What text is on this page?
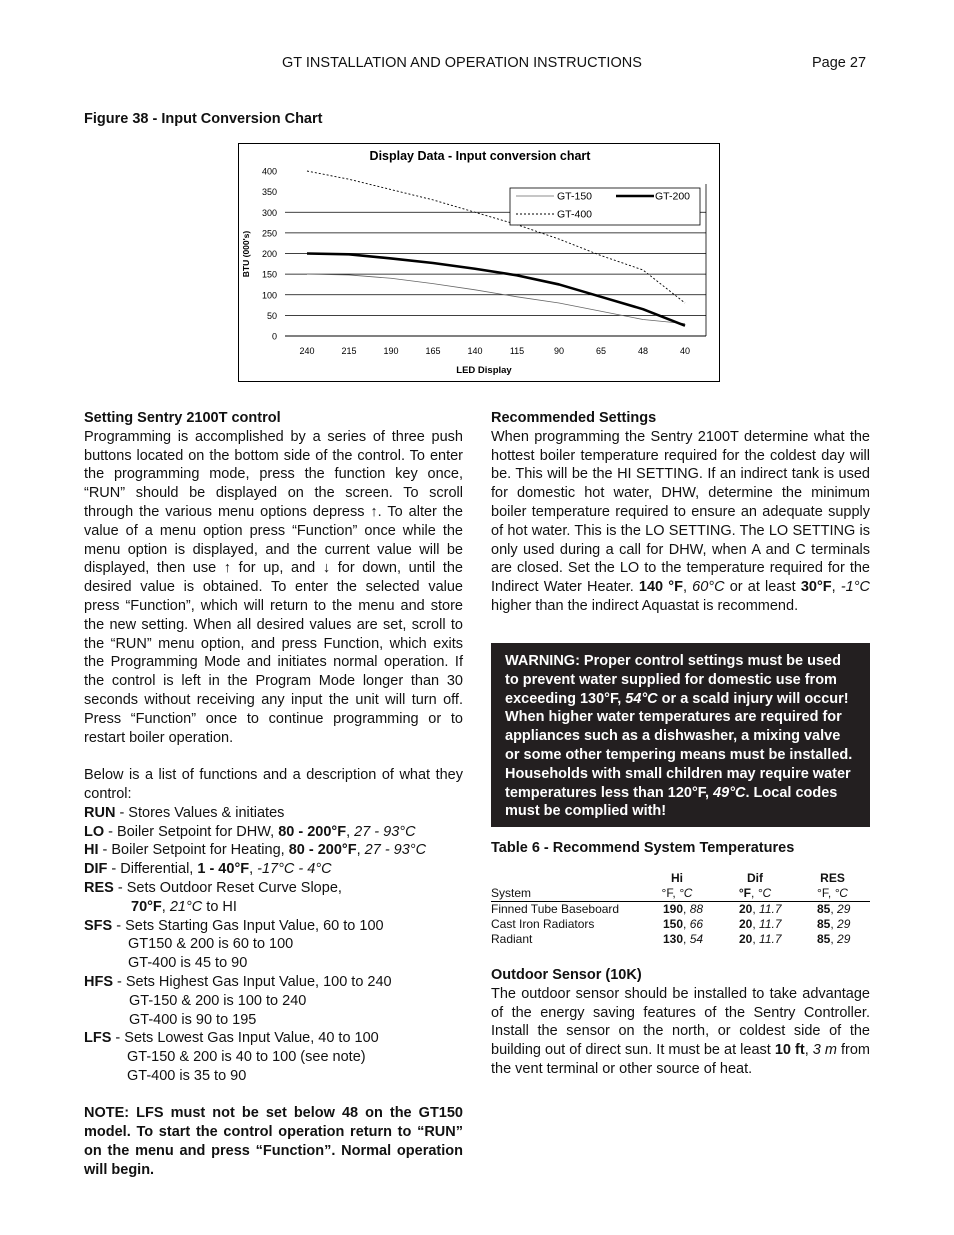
GT INSTALLATION AND OPERATION INSTRUCTIONS	Page 27
Figure 38 - Input Conversion Chart
Display Data - Input conversion chart
0
50
100
150
200
250
300
350
400
240	215	190	165	140	115	90	65	48	40
LED Display
BTU (000's)
GT-150	GT-200
GT-400

Setting Sentry 2100T control

Programming is accomplished by a series of three push buttons located on the bottom side of the control. To enter the programming mode, press the function key once, “RUN” should be displayed on the screen. To scroll through the various menu options depress ↑. To alter the value of a menu option press “Function” once while the menu option is displayed, and the current value will be displayed, then use ↑ for up, and ↓ for down, until the desired value is obtained. To enter the selected value press “Function”, which will return to the menu and store the new setting. When all desired values are set, scroll to the “RUN” menu option, and press Function, which exits the Programming Mode and initiates normal operation. If the control is left in the Program Mode longer than 30 seconds without receiving any input the unit will turn off. Press “Function” once to continue programming or to restart boiler operation.

Below is a list of functions and a description of what they control:

RUN - Stores Values & initiates

LO - Boiler Setpoint for DHW, 80 - 200°F, 27 - 93°C

HI - Boiler Setpoint for Heating, 80 - 200°F, 27 - 93°C

DIF - Differential, 1 - 40°F, -17°C - 4°C

RES - Sets Outdoor Reset Curve Slope,

70°F, 21°C to HI

SFS - Sets Starting Gas Input Value, 60 to 100

GT150 & 200 is 60 to 100

GT-400 is 45 to 90

HFS - Sets Highest Gas Input Value, 100 to 240

GT-150 & 200 is 100 to 240

GT-400 is 90 to 195

LFS - Sets Lowest Gas Input Value, 40 to 100

GT-150 & 200 is 40 to 100 (see note)

GT-400 is 35 to 90

NOTE: LFS must not be set below 48 on the GT150 model. To start the control operation return to “RUN” on the menu and press “Function”. Normal operation will begin.

Recommended Settings

When programming the Sentry 2100T determine what the hottest boiler temperature required for the coldest day will be. This will be the HI SETTING. If an indirect tank is used for domestic hot water, DHW, determine the minimum boiler temperature required to ensure an adequate supply of hot water. This is the LO SETTING. The LO SETTING is only used during a call for DHW, when A and C terminals are closed. Set the LO to the temperature required for the Indirect Water Heater. 140 °F, 60°C or at least 30°F, -1°C higher than the indirect Aquastat is recommend.

WARNING: Proper control settings must be used to prevent water supplied for domestic use from exceeding 130°F, 54°C or a scald injury will occur! When higher water temperatures are required for appliances such as a dishwasher, a mixing valve or some other tempering means must be installed. Households with small children may require water temperatures less than 120°F, 49°C. Local codes must be complied with!
Table 6 - Recommend System Temperatures
	Hi	Dif	RES
System	°F, °C	°F, °C	°F, °C
Finned Tube Baseboard	190, 88	20, 11.7	85, 29
Cast Iron Radiators	150, 66	20, 11.7	85, 29
Radiant	130, 54	20, 11.7	85, 29

Outdoor Sensor (10K)

The outdoor sensor should be installed to take advantage of the energy saving features of the Sentry Controller. Install the sensor on the north, or coldest side of the building out of direct sun. It must be at least 10 ft, 3 m from the vent terminal or other source of heat.
